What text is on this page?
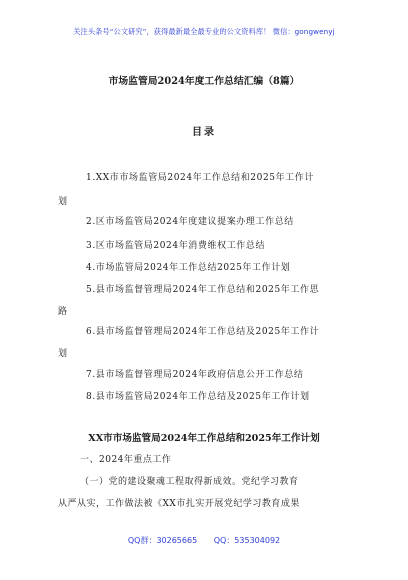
关注头条号“公文研究”，获得最新最全最专业的公文资料库！ 微信：gongwenyj
市场监管局2024年度工作总结汇编（8篇）
目录
1.XX市市场监管局2024年工作总结和2025年工作计
划
2.区市场监管局2024年度建议提案办理工作总结
3.区市场监管局2024年消费维权工作总结
4.市场监管局2024年工作总结2025年工作计划
5.县市场监督管理局2024年工作总结和2025年工作思
路
6.县市场监督管理局2024年工作总结及2025年工作计
划
7.县市场监督管理局2024年政府信息公开工作总结
8.县市场监管局2024年工作总结及2025年工作计划
XX市市场监管局2024年工作总结和2025年工作计划
一、2024年重点工作
（一）党的建设聚魂工程取得新成效。党纪学习教育
从严从实，工作做法被《XX市扎实开展党纪学习教育成果
QQ群：30265665 QQ：535304092
